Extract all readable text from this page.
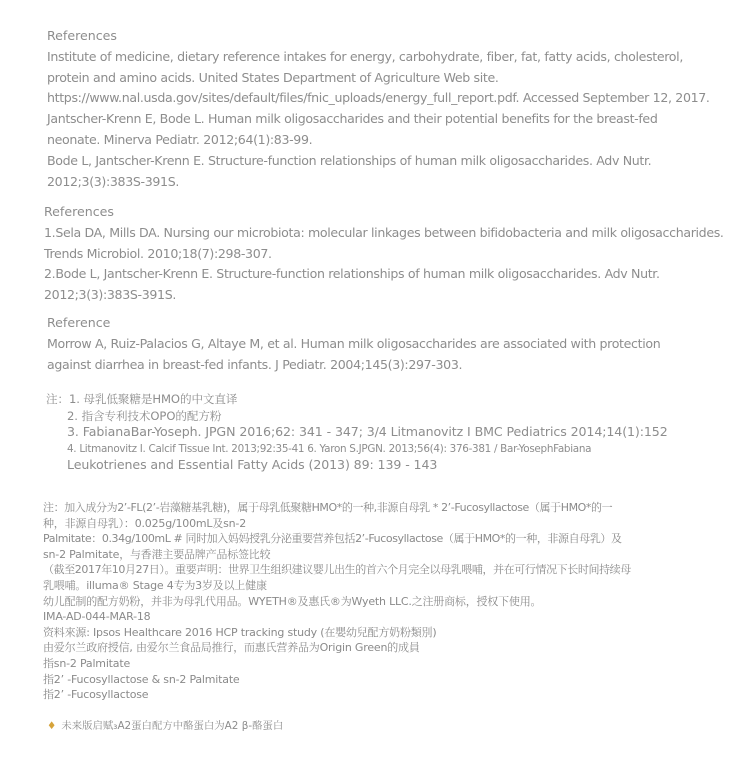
References
Institute of medicine, dietary reference intakes for energy, carbohydrate, fiber, fat, fatty acids, cholesterol,
protein and amino acids. United States Department of Agriculture Web site.
https://www.nal.usda.gov/sites/default/files/fnic_uploads/energy_full_report.pdf. Accessed September 12, 2017.
Jantscher-Krenn E, Bode L. Human milk oligosaccharides and their potential benefits for the breast-fed
neonate. Minerva Pediatr. 2012;64(1):83-99.
Bode L, Jantscher-Krenn E. Structure-function relationships of human milk oligosaccharides. Adv Nutr.
2012;3(3):383S-391S.
References
1.Sela DA, Mills DA. Nursing our microbiota: molecular linkages between bifidobacteria and milk oligosaccharides.
Trends Microbiol. 2010;18(7):298-307.
2.Bode L, Jantscher-Krenn E. Structure-function relationships of human milk oligosaccharides. Adv Nutr.
2012;3(3):383S-391S.
Reference
Morrow A, Ruiz-Palacios G, Altaye M, et al. Human milk oligosaccharides are associated with protection
against diarrhea in breast-fed infants. J Pediatr. 2004;145(3):297-303.
注：1. 母乳低聚糖是HMO的中文直译
2. 指含专利技术OPO的配方粉
3. FabianaBar-Yoseph. JPGN 2016;62: 341 - 347; 3/4 Litmanovitz I BMC Pediatrics 2014;14(1):152
4. Litmanovitz I. Calcif Tissue Int. 2013;92:35-41 6. Yaron S.JPGN. 2013;56(4): 376-381 / Bar-YosephFabiana
Leukotrienes and Essential Fatty Acids (2013) 89: 139 - 143
注：加入成分为2’-FL(2’-岩藻糖基乳糖)，属于母乳低聚糖HMO*的一种,非源自母乳 * 2’-Fucosyllactose（属于HMO*的一
种，非源自母乳）：0.025g/100mL及sn-2
Palmitate：0.34g/100mL # 同时加入妈妈授乳分泌重要营养包括2’-Fucosyllactose（属于HMO*的一种，非源自母乳）及
sn-2 Palmitate，与香港主要品牌产品标签比较
（截至2017年10月27日）。重要声明：世界卫生组织建议婴儿出生的首六个月完全以母乳喂哺，并在可行情况下长时间持续母
乳喂哺。illuma® Stage 4专为3岁及以上健康
幼儿配制的配方奶粉，并非为母乳代用品。WYETH®及惠氏®为Wyeth LLC.之注册商标，授权下使用。
IMA-AD-044-MAR-18
资料來源: Ipsos Healthcare 2016 HCP tracking study (在嬰幼兒配方奶粉類別)
由爱尔兰政府授信, 由爱尔兰食品局推行，而惠氏营养品为Origin Green的成員
指sn-2 Palmitate
指2’ -Fucosyllactose & sn-2 Palmitate
指2’ -Fucosyllactose
♦ 未来版启赋₃A2蛋白配方中酪蛋白为A2 β-酪蛋白
